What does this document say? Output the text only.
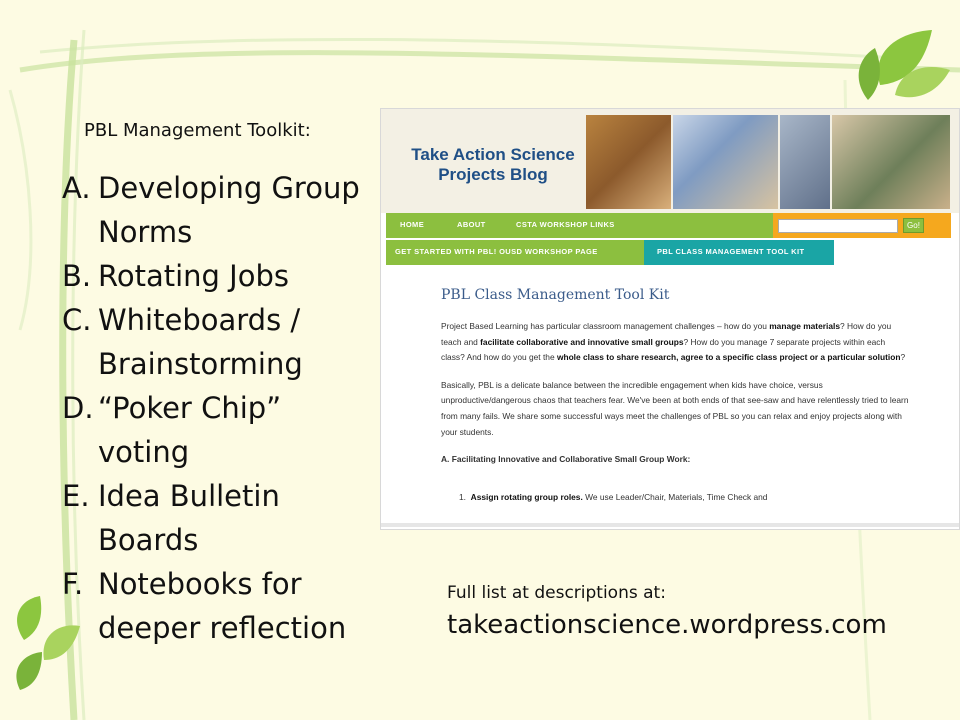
PBL Management Toolkit:
A. Developing Group Norms
B. Rotating Jobs
C. Whiteboards / Brainstorming
D. “Poker Chip” voting
E. Idea Bulletin Boards
F. Notebooks for deeper reflection
Take Action Science Projects Blog
HOME	ABOUT	CSTA WORKSHOP LINKS	Go!
GET STARTED WITH PBL! OUSD WORKSHOP PAGE	PBL CLASS MANAGEMENT TOOL KIT
PBL Class Management Tool Kit

Project Based Learning has particular classroom management challenges – how do you manage materials? How do you teach and facilitate collaborative and innovative small groups? How do you manage 7 separate projects within each class? And how do you get the whole class to share research, agree to a specific class project or a particular solution?

Basically, PBL is a delicate balance between the incredible engagement when kids have choice, versus unproductive/dangerous chaos that teachers fear. We've been at both ends of that see-saw and have relentlessly tried to learn from many fails. We share some successful ways meet the challenges of PBL so you can relax and enjoy projects along with your students.

A. Facilitating Innovative and Collaborative Small Group Work:
1. Assign rotating group roles. We use Leader/Chair, Materials, Time Check and
Full list at descriptions at:
takeactionscience.wordpress.com
